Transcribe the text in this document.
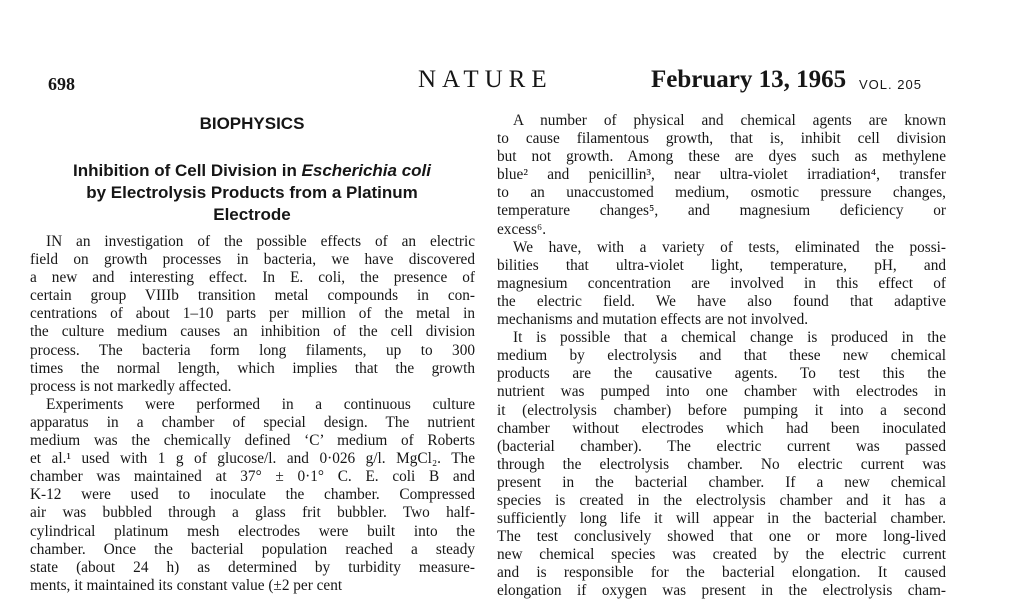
698	NATURE	February 13, 1965 VOL. 205
BIOPHYSICS
Inhibition of Cell Division in Escherichia coli
by Electrolysis Products from a Platinum
Electrode
IN an investigation of the possible effects of an electric
field on growth processes in bacteria, we have discovered
a new and interesting effect. In E. coli, the presence of
certain group VIIIb transition metal compounds in con-
centrations of about 1–10 parts per million of the metal in
the culture medium causes an inhibition of the cell division
process. The bacteria form long filaments, up to 300
times the normal length, which implies that the growth
process is not markedly affected.
Experiments were performed in a continuous culture
apparatus in a chamber of special design. The nutrient
medium was the chemically defined ‘C’ medium of Roberts
et al.¹ used with 1 g of glucose/l. and 0·026 g/l. MgCl₂. The
chamber was maintained at 37° ± 0·1° C. E. coli B and
K-12 were used to inoculate the chamber. Compressed
air was bubbled through a glass frit bubbler. Two half-
cylindrical platinum mesh electrodes were built into the
chamber. Once the bacterial population reached a steady
state (about 24 h) as determined by turbidity measure-
ments, it maintained its constant value (±2 per cent
A number of physical and chemical agents are known
to cause filamentous growth, that is, inhibit cell division
but not growth. Among these are dyes such as methylene
blue² and penicillin³, near ultra-violet irradiation⁴, transfer
to an unaccustomed medium, osmotic pressure changes,
temperature changes⁵, and magnesium deficiency or
excess⁶.
We have, with a variety of tests, eliminated the possi-
bilities that ultra-violet light, temperature, pH, and
magnesium concentration are involved in this effect of
the electric field. We have also found that adaptive
mechanisms and mutation effects are not involved.
It is possible that a chemical change is produced in the
medium by electrolysis and that these new chemical
products are the causative agents. To test this the
nutrient was pumped into one chamber with electrodes in
it (electrolysis chamber) before pumping it into a second
chamber without electrodes which had been inoculated
(bacterial chamber). The electric current was passed
through the electrolysis chamber. No electric current was
present in the bacterial chamber. If a new chemical
species is created in the electrolysis chamber and it has a
sufficiently long life it will appear in the bacterial chamber.
The test conclusively showed that one or more long-lived
new chemical species was created by the electric current
and is responsible for the bacterial elongation. It caused
elongation if oxygen was present in the electrolysis cham-
